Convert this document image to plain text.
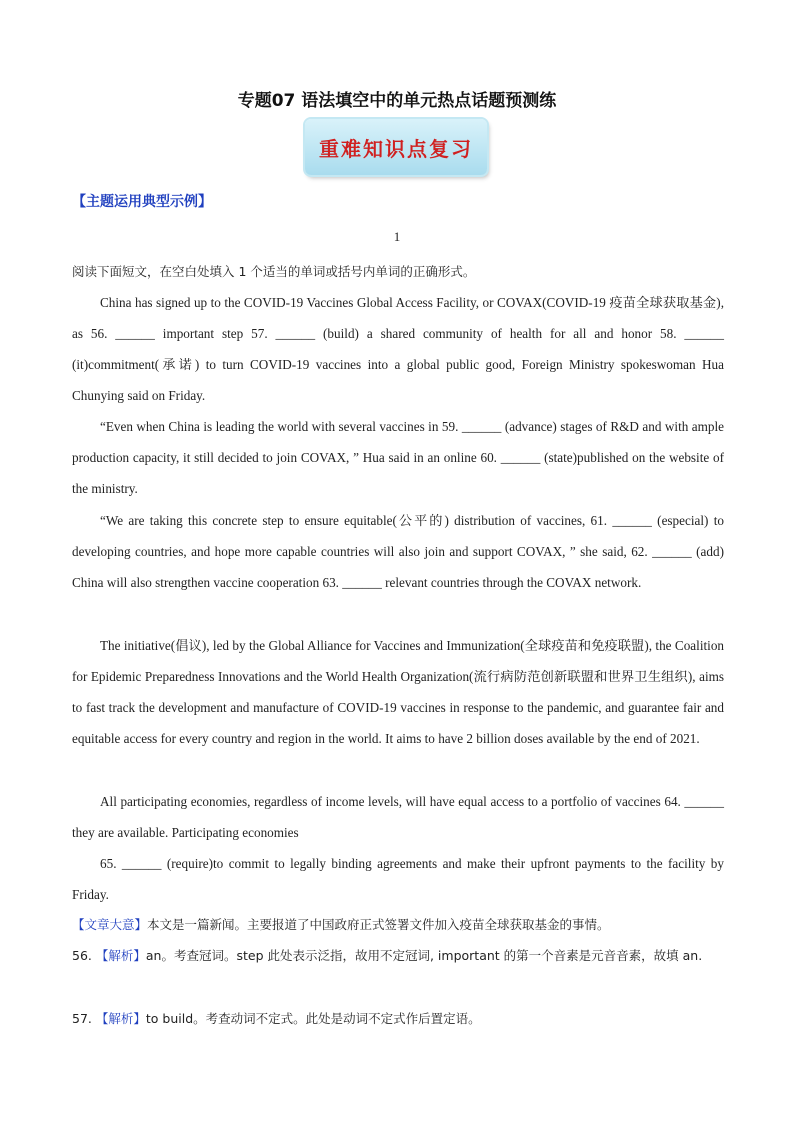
专题07 语法填空中的单元热点话题预测练
重难知识点复习
【主题运用典型示例】
1
阅读下面短文，在空白处填入 1 个适当的单词或括号内单词的正确形式。
China has signed up to the COVID-19 Vaccines Global Access Facility, or COVAX(COVID-19 疫苗全球获取基金), as 56. ______ important step 57. ______ (build) a shared community of health for all and honor 58. ______ (it)commitment(承诺) to turn COVID-19 vaccines into a global public good, Foreign Ministry spokeswoman Hua Chunying said on Friday.
“Even when China is leading the world with several vaccines in 59. ______ (advance) stages of R&D and with ample production capacity, it still decided to join COVAX, ” Hua said in an online 60. ______ (state)published on the website of the ministry.
“We are taking this concrete step to ensure equitable(公平的) distribution of vaccines, 61. ______ (especial) to developing countries, and hope more capable countries will also join and support COVAX, ” she said, 62. ______ (add) China will also strengthen vaccine cooperation 63. ______ relevant countries through the COVAX network.
The initiative(倡议), led by the Global Alliance for Vaccines and Immunization(全球疫苗和免疫联盟), the Coalition for Epidemic Preparedness Innovations and the World Health Organization(流行病防范创新联盟和世界卫生组织), aims to fast track the development and manufacture of COVID-19 vaccines in response to the pandemic, and guarantee fair and equitable access for every country and region in the world. It aims to have 2 billion doses available by the end of 2021.
All participating economies, regardless of income levels, will have equal access to a portfolio of vaccines 64. ______ they are available. Participating economies
65. ______ (require)to commit to legally binding agreements and make their upfront payments to the facility by Friday.
【文章大意】本文是一篇新闻。主要报道了中国政府正式签署文件加入疫苗全球获取基金的事情。
56. 【解析】an。考查冠词。step 此处表示泛指，故用不定冠词, important 的第一个音素是元音音素，故填 an.
57. 【解析】to build。考查动词不定式。此处是动词不定式作后置定语。
